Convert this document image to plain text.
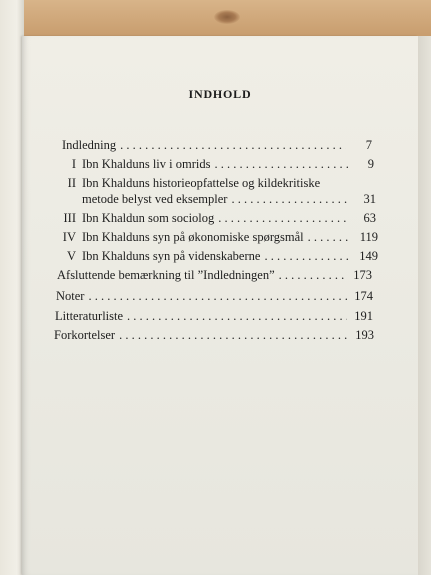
INDHOLD
Indledning . . .	7
I Ibn Khalduns liv i omrids . . .	9
II Ibn Khalduns historieopfattelse og kildekritiske
metode belyst ved eksempler . . .	31
III Ibn Khaldun som sociolog . . .	63
IV Ibn Khalduns syn på økonomiske spørgsmål . . .	119
V Ibn Khalduns syn på videnskaberne . . .	149
Afsluttende bemærkning til ”Indledningen” . . .	173
Noter . . .	174
Litteraturliste . . .	191
Forkortelser . . .	193
